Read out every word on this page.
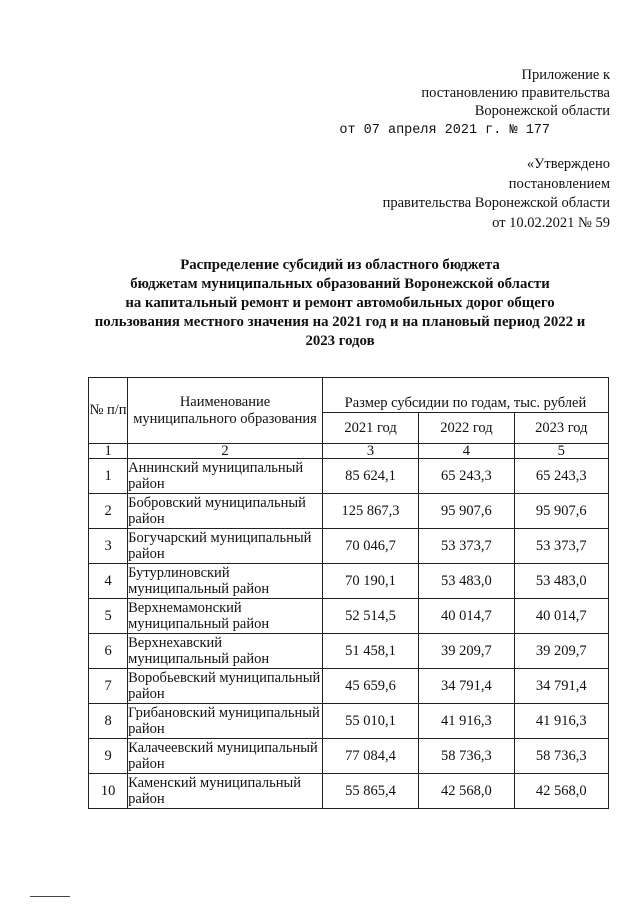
Приложение к
постановлению правительства
Воронежской области
от 07 апреля 2021 г. № 177
«Утверждено
постановлением
правительства Воронежской области
от 10.02.2021 № 59
Распределение субсидий из областного бюджета
бюджетам муниципальных образований Воронежской области
на капитальный ремонт и ремонт автомобильных дорог общего
пользования местного значения на 2021 год и на плановый период 2022 и
2023 годов
№ п/п	Наименование муниципального образования	Размер субсидии по годам, тыс. рублей		
		2021 год	2022 год	2023 год
1	2	3	4	5
1	Аннинский муниципальный район	85 624,1	65 243,3	65 243,3
2	Бобровский муниципальный район	125 867,3	95 907,6	95 907,6
3	Богучарский муниципальный район	70 046,7	53 373,7	53 373,7
4	Бутурлиновский муниципальный район	70 190,1	53 483,0	53 483,0
5	Верхнемамонский муниципальный район	52 514,5	40 014,7	40 014,7
6	Верхнехавский муниципальный район	51 458,1	39 209,7	39 209,7
7	Воробьевский муниципальный район	45 659,6	34 791,4	34 791,4
8	Грибановский муниципальный район	55 010,1	41 916,3	41 916,3
9	Калачеевский муниципальный район	77 084,4	58 736,3	58 736,3
10	Каменский муниципальный район	55 865,4	42 568,0	42 568,0
